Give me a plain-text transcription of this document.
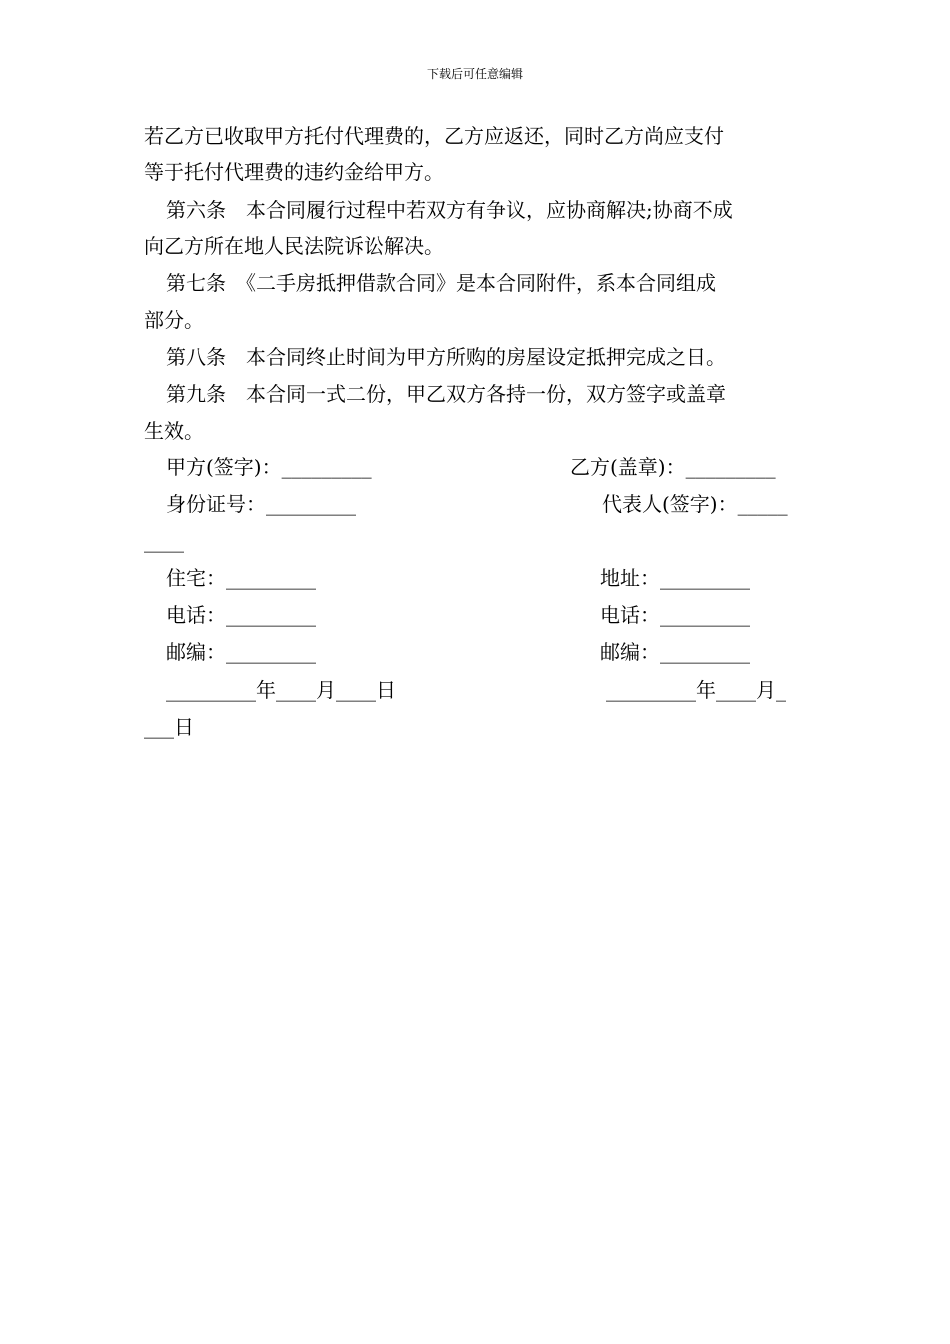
下载后可任意编辑
若乙方已收取甲方托付代理费的，乙方应返还，同时乙方尚应支付
等于托付代理费的违约金给甲方。
第六条　本合同履行过程中若双方有争议，应协商解决;协商不成
向乙方所在地人民法院诉讼解决。
第七条　《二手房抵押借款合同》是本合同附件，系本合同组成
部分。
第八条　本合同终止时间为甲方所购的房屋设定抵押完成之日。
第九条　本合同一式二份，甲乙双方各持一份，双方签字或盖章
生效。
甲方(签字)：_________	乙方(盖章)：_________
身份证号：_________	代表人(签字)：_____
____
住宅：_________	地址：_________
电话：_________	电话：_________
邮编：_________	邮编：_________
_________年____月____日	_________年____月_
___日
